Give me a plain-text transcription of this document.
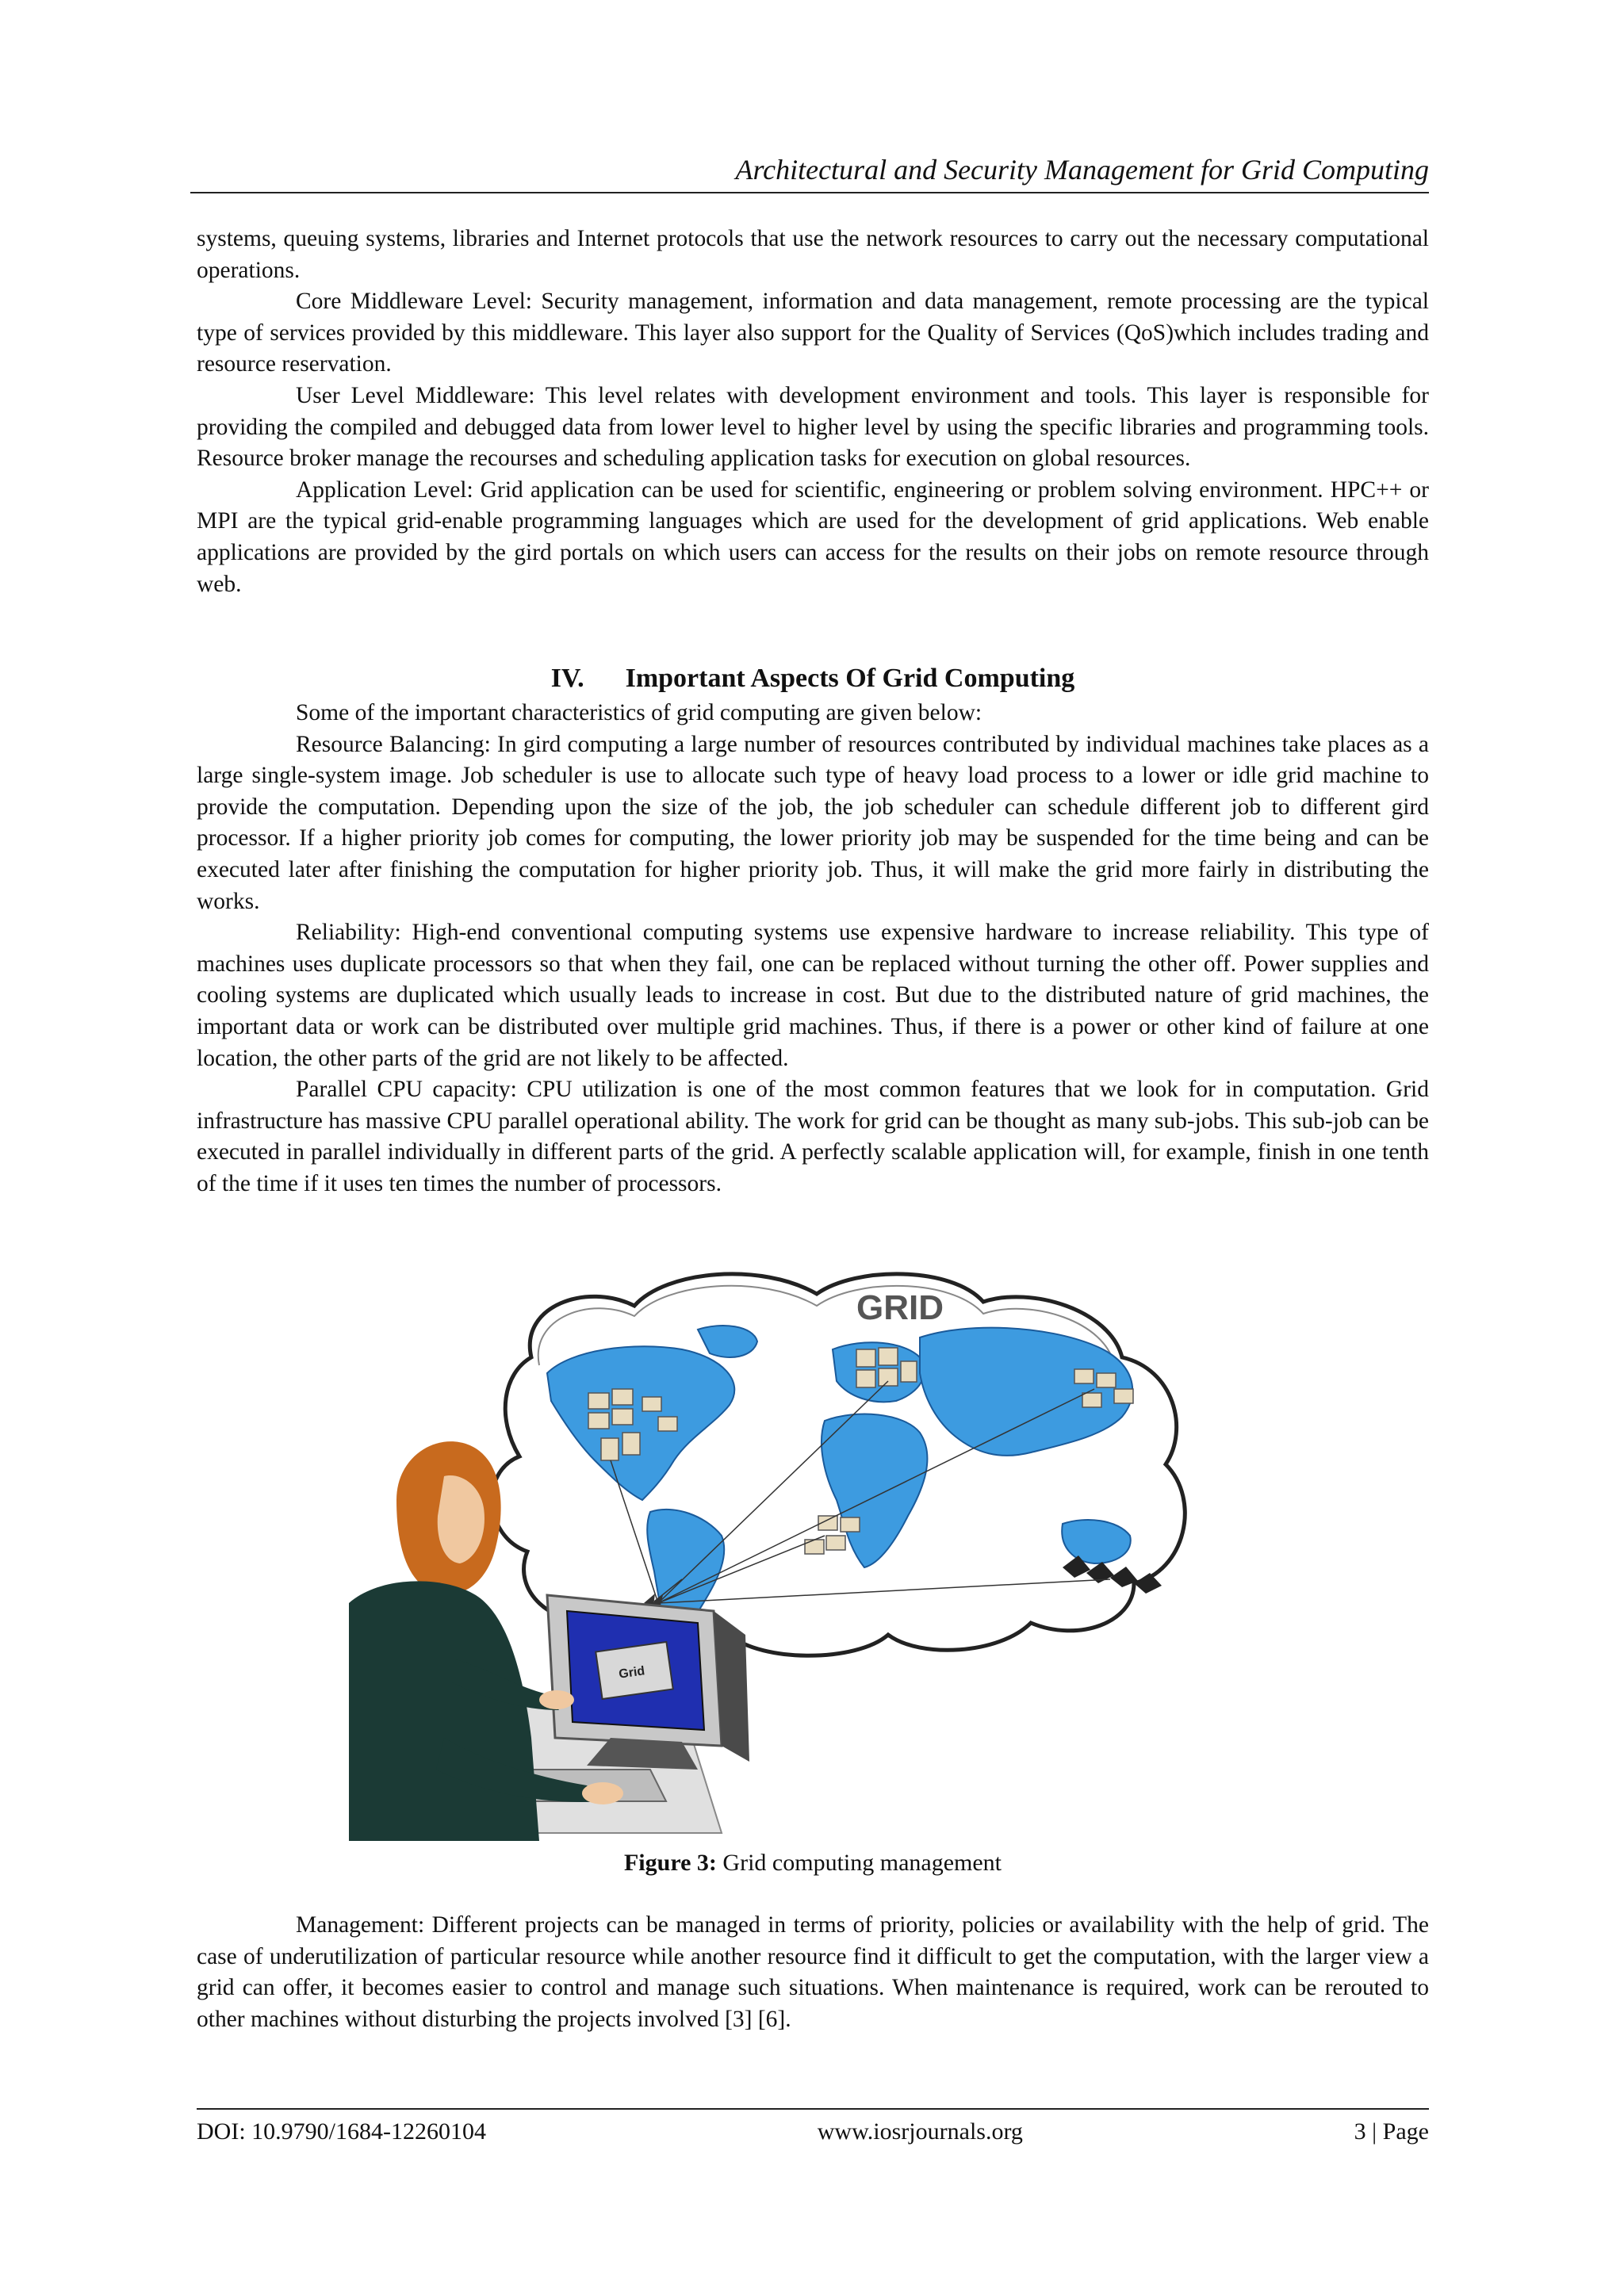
Architectural and Security Management for Grid Computing

systems, queuing systems, libraries and Internet protocols that use the network resources to carry out the necessary computational operations.

Core Middleware Level: Security management, information and data management, remote processing are the typical type of services provided by this middleware. This layer also support for the Quality of Services (QoS)which includes trading and resource reservation.

User Level Middleware: This level relates with development environment and tools. This layer is responsible for providing the compiled and debugged data from lower level to higher level by using the specific libraries and programming tools. Resource broker manage the recourses and scheduling application tasks for execution on global resources.

Application Level: Grid application can be used for scientific, engineering or problem solving environment. HPC++ or MPI are the typical grid-enable programming languages which are used for the development of grid applications. Web enable applications are provided by the gird portals on which users can access for the results on their jobs on remote resource through web.

IV. Important Aspects Of Grid Computing

Some of the important characteristics of grid computing are given below:

Resource Balancing: In gird computing a large number of resources contributed by individual machines take places as a large single-system image. Job scheduler is use to allocate such type of heavy load process to a lower or idle grid machine to provide the computation. Depending upon the size of the job, the job scheduler can schedule different job to different gird processor. If a higher priority job comes for computing, the lower priority job may be suspended for the time being and can be executed later after finishing the computation for higher priority job. Thus, it will make the grid more fairly in distributing the works.

Reliability: High-end conventional computing systems use expensive hardware to increase reliability. This type of machines uses duplicate processors so that when they fail, one can be replaced without turning the other off. Power supplies and cooling systems are duplicated which usually leads to increase in cost. But due to the distributed nature of grid machines, the important data or work can be distributed over multiple grid machines. Thus, if there is a power or other kind of failure at one location, the other parts of the grid are not likely to be affected.

Parallel CPU capacity: CPU utilization is one of the most common features that we look for in computation. Grid infrastructure has massive CPU parallel operational ability. The work for grid can be thought as many sub-jobs. This sub-job can be executed in parallel individually in different parts of the grid. A perfectly scalable application will, for example, finish in one tenth of the time if it uses ten times the number of processors.

GRID
Grid
Figure 3: Grid computing management

Management: Different projects can be managed in terms of priority, policies or availability with the help of grid. The case of underutilization of particular resource while another resource find it difficult to get the computation, with the larger view a grid can offer, it becomes easier to control and manage such situations. When maintenance is required, work can be rerouted to other machines without disturbing the projects involved [3] [6].

DOI: 10.9790/1684-12260104	www.iosrjournals.org	3 | Page
